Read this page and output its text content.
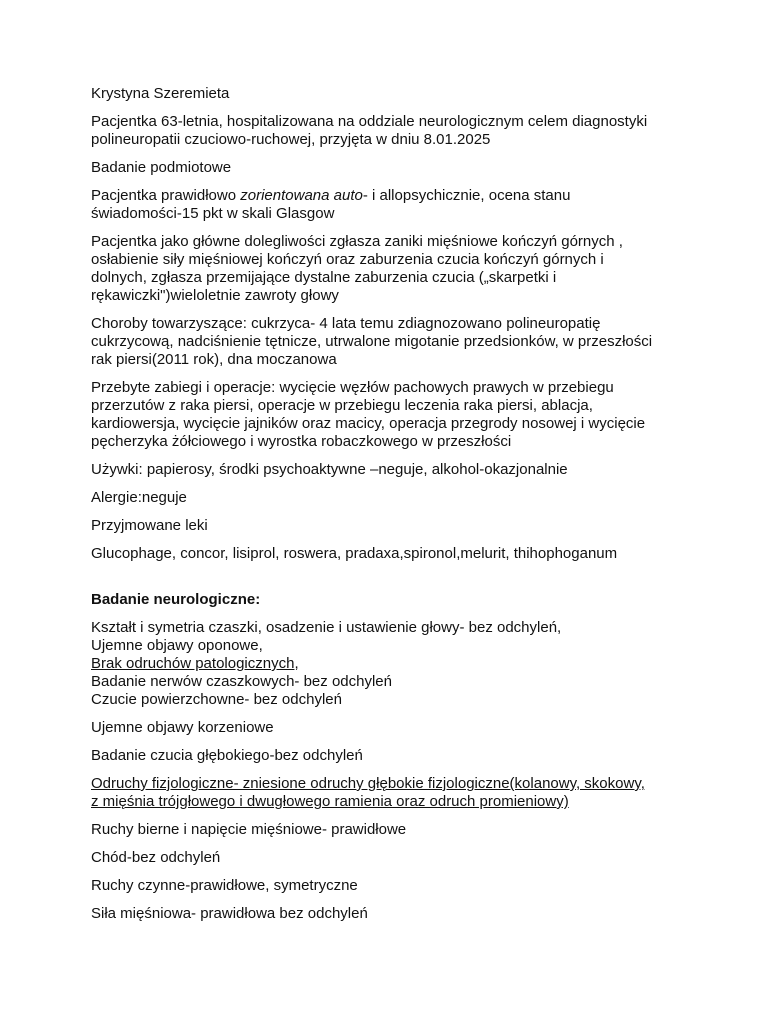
Krystyna Szeremieta

Pacjentka 63-letnia, hospitalizowana na oddziale neurologicznym celem diagnostyki
polineuropatii czuciowo-ruchowej, przyjęta w dniu 8.01.2025

Badanie podmiotowe

Pacjentka prawidłowo zorientowana auto- i allopsychicznie, ocena stanu
świadomości-15 pkt w skali Glasgow

Pacjentka jako główne dolegliwości zgłasza zaniki mięśniowe kończyń górnych ,
osłabienie siły mięśniowej kończyń oraz zaburzenia czucia kończyń górnych i
dolnych, zgłasza przemijające dystalne zaburzenia czucia („skarpetki i
rękawiczki")wieloletnie zawroty głowy

Choroby towarzyszące: cukrzyca- 4 lata temu zdiagnozowano polineuropatię
cukrzycową, nadciśnienie tętnicze, utrwalone migotanie przedsionków, w przeszłości
rak piersi(2011 rok), dna moczanowa

Przebyte zabiegi i operacje: wycięcie węzłów pachowych prawych w przebiegu
przerzutów z raka piersi, operacje w przebiegu leczenia raka piersi, ablacja,
kardiowersja, wycięcie jajników oraz macicy, operacja przegrody nosowej i wycięcie
pęcherzyka żółciowego i wyrostka robaczkowego w przeszłości

Używki: papierosy, środki psychoaktywne –neguje, alkohol-okazjonalnie

Alergie:neguje

Przyjmowane leki

Glucophage, concor, lisiprol, roswera, pradaxa,spironol,melurit, thihophoganum

Badanie neurologiczne:

Kształt i symetria czaszki, osadzenie i ustawienie głowy- bez odchyleń,
Ujemne objawy oponowe,
Brak odruchów patologicznych,
Badanie nerwów czaszkowych- bez odchyleń
Czucie powierzchowne- bez odchyleń

Ujemne objawy korzeniowe

Badanie czucia głębokiego-bez odchyleń

Odruchy fizjologiczne- zniesione odruchy głębokie fizjologiczne(kolanowy, skokowy,
z mięśnia trójgłowego i dwugłowego ramienia oraz odruch promieniowy)

Ruchy bierne i napięcie mięśniowe- prawidłowe

Chód-bez odchyleń

Ruchy czynne-prawidłowe, symetryczne

Siła mięśniowa- prawidłowa bez odchyleń
